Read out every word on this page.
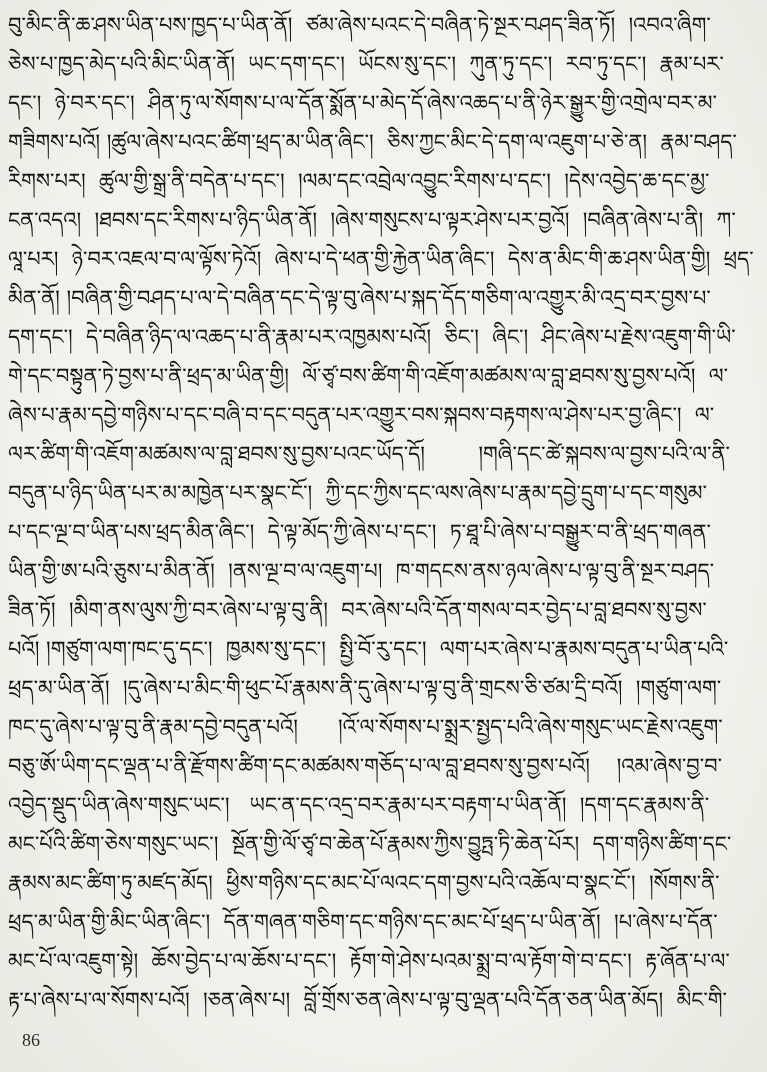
བུ་མིང་ནི་ཆ་ཤས་ཡིན་པས་ཁྱད་པ་ཡིན་ནོ།  ཙམ་ཞེས་པའང་དེ་བཞིན་ཏེ་སྔར་བཤད་ཟིན་ཏོ།  །འབའ་ཞིག་
ཅེས་པ་ཁྱད་མེད་པའི་མིང་ཡིན་ནོ།  ཡང་དག་དང་།  ཡོངས་སུ་དང་།  ཀུན་ཏུ་དང་།  རབ་ཏུ་དང་།  རྣམ་པར་
དང་།  ཉེ་བར་དང་།  ཤིན་ཏུ་ལ་སོགས་པ་ལ་དོན་སྨོན་པ་མེད་དོ་ཞེས་འཆད་པ་ནི་ཉེར་སྒྱུར་གྱི་འགྲེལ་བར་མ་
གཟིགས་པའོ། །ཚུལ་ཞེས་པའང་ཚིག་ཕྲད་མ་ཡིན་ཞིང་།  ཅིས་ཀྱང་མིང་དེ་དག་ལ་འཇུག་པ་ཅེ་ན།  རྣམ་བཤད་
རིགས་པར།  ཚུལ་གྱི་སྒྲ་ནི་བདེན་པ་དང་།  །ལམ་དང་འབྲེལ་འབྱུང་རིགས་པ་དང་།  །དེས་འབྱེད་ཆ་དང་མྱ་
ངན་འདའ།  །ཐབས་དང་རིགས་པ་ཉིད་ཡིན་ནོ།  །ཞེས་གསུངས་པ་ལྟར་ཤེས་པར་བྱའོ།  །བཞིན་ཞེས་པ་ནི།  ཀ་
ལཱ་པར།  ཉེ་བར་འཇལ་བ་ལ་ལྟོས་ཏེའོ།  ཞེས་པ་དེ་ཕན་གྱི་རྐྱེན་ཡིན་ཞིང་།  དེས་ན་མིང་གི་ཆ་ཤས་ཡིན་གྱི།  ཕྲད་
མིན་ནོ། །བཞིན་གྱི་བཤད་པ་ལ་དེ་བཞིན་དང་དེ་ལྟ་བུ་ཞེས་པ་སྐད་དོད་གཅིག་ལ་འགྱུར་མི་འདྲ་བར་བྱས་པ་
དག་དང་།  དེ་བཞིན་ཉིད་ལ་འཆད་པ་ནི་རྣམ་པར་འཁྱམས་པའོ།  ཅིང་།  ཞིང་།  ཤིང་ཞེས་པ་རྗེས་འཇུག་གི་ཡི་
གེ་དང་བསྟུན་ཏེ་བྱས་པ་ནི་ཕྲད་མ་ཡིན་གྱི།  ལོ་ཙྭ་བས་ཚིག་གི་འཇོག་མཚམས་ལ་བླ་ཐབས་སུ་བྱས་པའོ།  ལ་
ཞེས་པ་རྣམ་དབྱེ་གཉིས་པ་དང་བཞི་བ་དང་བདུན་པར་འགྱུར་བས་སྐབས་བརྟགས་ལ་ཤེས་པར་བྱ་ཞིང་།  ལ་
ལར་ཚིག་གི་འཇོག་མཚམས་ལ་བླ་ཐབས་སུ་བྱས་པའང་ཡོད་དོ།        །གཞི་དང་ཚེ་སྐབས་ལ་བྱས་པའི་ལ་ནི་
བདུན་པ་ཉིད་ཡིན་པར་མ་མཁྱེན་པར་སྣང་ངོ་།  ཀྱི་དང་ཀྱིས་དང་ལས་ཞེས་པ་རྣམ་དབྱེ་དྲུག་པ་དང་གསུམ་
པ་དང་ལྔ་བ་ཡིན་པས་ཕྲད་མིན་ཞིང་།  དེ་ལྟ་མོད་ཀྱི་ཞེས་པ་དང་།  ཏ་ཐཱ་པི་ཞེས་པ་བསྒྱུར་བ་ནི་ཕྲད་གཞན་
ཡིན་གྱི་ཨ་པའི་ཅུས་པ་མིན་ནོ།  །ནས་ལྔ་བ་ལ་འཇུག་པ།  ཁ་གདངས་ནས་ཉལ་ཞེས་པ་ལྟ་བུ་ནི་སྔར་བཤད་
ཟིན་ཏོ།  །མིག་ནས་ལུས་ཀྱི་བར་ཞེས་པ་ལྟ་བུ་ནི།  བར་ཞེས་པའི་དོན་གསལ་བར་བྱེད་པ་བླ་ཐབས་སུ་བྱས་
པའོ། །གཙུག་ལག་ཁང་དུ་དང་།  ཁྱམས་སུ་དང་།  སྤྱི་བོ་རུ་དང་།  ལག་པར་ཞེས་པ་རྣམས་བདུན་པ་ཡིན་པའི་
ཕྲད་མ་ཡིན་ནོ།  །དུ་ཞེས་པ་མིང་གི་ཕུང་པོ་རྣམས་ནི་དུ་ཞེས་པ་ལྟ་བུ་ནི་གྲངས་ཅི་ཙམ་དྲི་བའོ།  །གཙུག་ལག་
ཁང་དུ་ཞེས་པ་ལྟ་བུ་ནི་རྣམ་དབྱེ་བདུན་པའོ།      །འོ་ལ་སོགས་པ་སྨྲར་སྤྱད་པའི་ཞེས་གསུང་ཡང་རྗེས་འཇུག་
བཅུ་ཨོ་ཡིག་དང་ལྡན་པ་ནི་རྫོགས་ཚིག་དང་མཚམས་གཅོད་པ་ལ་བླ་ཐབས་སུ་བྱས་པའོ།    །འམ་ཞེས་བྱ་བ་
འབྱེད་སྡུད་ཡིན་ཞེས་གསུང་ཡང་།   ཡང་ན་དང་འདྲ་བར་རྣམ་པར་བརྟག་པ་ཡིན་ནོ།  །དག་དང་རྣམས་ནི་
མང་པོའི་ཚིག་ཅེས་གསུང་ཡང་།  སྔོན་གྱི་ལོ་ཙྭ་བ་ཆེན་པོ་རྣམས་ཀྱིས་བྱུཏྤ་ཏི་ཆེན་པོར།  དག་གཉིས་ཚིག་དང་
རྣམས་མང་ཚིག་ཏུ་མཛད་མོད།  ཕྱིས་གཉིས་དང་མང་པོ་ལའང་དག་བྱས་པའི་འཆོལ་བ་སྣང་ངོ་།  །སོགས་ནི་
ཕྲད་མ་ཡིན་གྱི་མིང་ཡིན་ཞིང་།  དོན་གཞན་གཅིག་དང་གཉིས་དང་མང་པོ་ཕྲད་པ་ཡིན་ནོ།  །པ་ཞེས་པ་དོན་
མང་པོ་ལ་འཇུག་སྟེ།  ཆོས་བྱེད་པ་ལ་ཆོས་པ་དང་།  རྟོག་གེ་ཤེས་པའམ་སྨྲ་བ་ལ་རྟོག་གེ་བ་དང་།  རྟ་ཞོན་པ་ལ་
རྟ་པ་ཞེས་པ་ལ་སོགས་པའོ།  །ཅན་ཞེས་པ།  བློ་གྲོས་ཅན་ཞེས་པ་ལྟ་བུ་ལྡན་པའི་དོན་ཅན་ཡིན་མོད།  མིང་གི་
86
